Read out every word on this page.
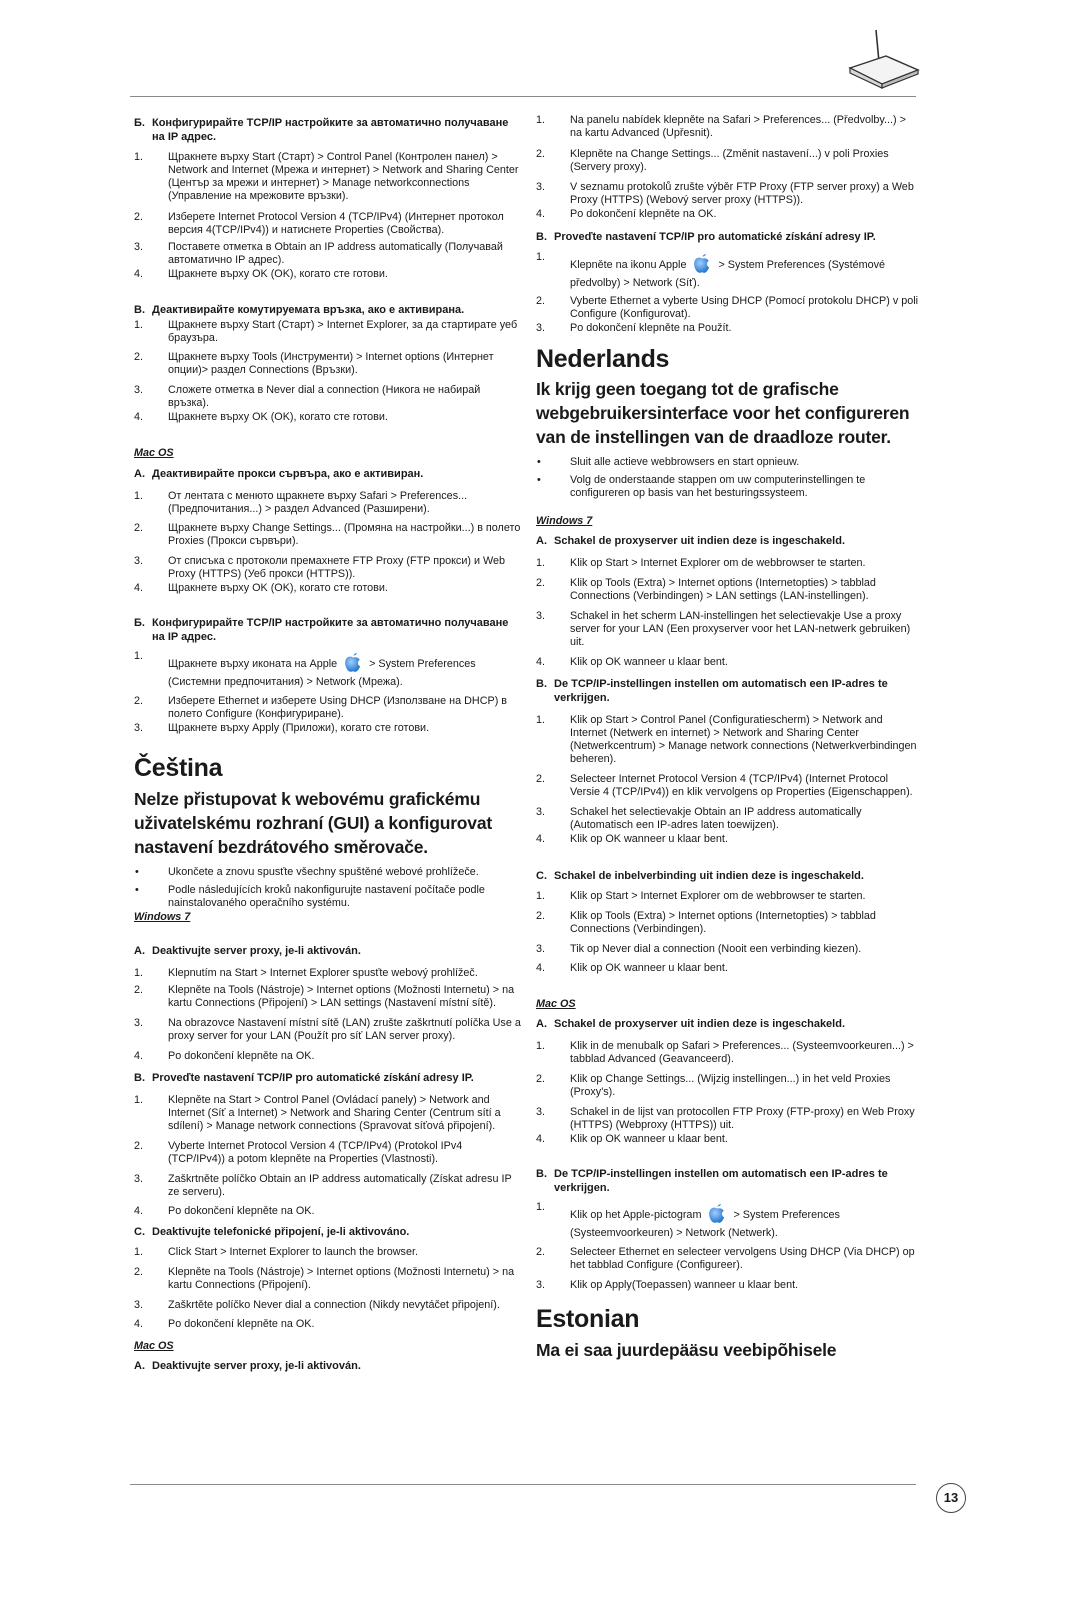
Б. Конфигурирайте TCP/IP настройките за автоматично получаване на IP адрес.
1. Щракнете върху Start (Старт) > Control Panel (Контролен панел) > Network and Internet (Мрежа и интернет) > Network and Sharing Center (Център за мрежи и интернет) > Manage networkconnections (Управление на мрежовите връзки).
2. Изберете Internet Protocol Version 4 (TCP/IPv4) (Интернет протокол версия 4(TCP/IPv4)) и натиснете Properties (Свойства).
3. Поставете отметка в Obtain an IP address automatically (Получавай автоматично IP адрес).
4. Щракнете върху OK (OK), когато сте готови.
В. Деактивирайте комутируемата връзка, ако е активирана.
1. Щракнете върху Start (Старт) > Internet Explorer, за да стартирате уеб браузъра.
2. Щракнете върху Tools (Инструменти) > Internet options (Интернет опции)> раздел Connections (Връзки).
3. Сложете отметка в Never dial a connection (Никога не набирай връзка).
4. Щракнете върху OK (OK), когато сте готови.
Mac OS
А. Деактивирайте прокси сървъра, ако е активиран.
1. От лентата с менюто щракнете върху Safari > Preferences... (Предпочитания...) > раздел Advanced (Разширени).
2. Щракнете върху Change Settings... (Промяна на настройки...) в полето Proxies (Прокси сървъри).
3. От списъка с протоколи премахнете FTP Proxy (FTP прокси) и Web Proxy (HTTPS) (Уеб прокси (HTTPS)).
4. Щракнете върху OK (OK), когато сте готови.
Б. Конфигурирайте TCP/IP настройките за автоматично получаване на IP адрес.
1.
Щракнете върху иконата на Apple	> System Preferences (Системни предпочитания) > Network (Мрежа).
2. Изберете Ethernet и изберете Using DHCP (Използване на DHCP) в полето Configure (Конфигуриране).
3. Щракнете върху Apply (Приложи), когато сте готови.
Čeština
Nelze přistupovat k webovému grafickému uživatelskému rozhraní (GUI) a konfigurovat nastavení bezdrátového směrovače.
•	Ukončete a znovu spusťte všechny spuštěné webové prohlížeče.
•	Podle následujících kroků nakonfigurujte nastavení počítače podle nainstalovaného operačního systému.
Windows 7
A. Deaktivujte server proxy, je-li aktivován.
1. Klepnutím na Start > Internet Explorer spusťte webový prohlížeč.
2. Klepněte na Tools (Nástroje) > Internet options (Možnosti Internetu) > na kartu Connections (Připojení) > LAN settings (Nastavení místní sítě).
3. Na obrazovce Nastavení místní sítě (LAN) zrušte zaškrtnutí políčka Use a proxy server for your LAN (Použít pro síť LAN server proxy).
4. Po dokončení klepněte na OK.
B. Proveďte nastavení TCP/IP pro automatické získání adresy IP.
1. Klepněte na Start > Control Panel (Ovládací panely) > Network and Internet (Síť a Internet) > Network and Sharing Center (Centrum sítí a sdílení) > Manage network connections (Spravovat síťová připojení).
2. Vyberte Internet Protocol Version 4 (TCP/IPv4) (Protokol IPv4 (TCP/IPv4)) a potom klepněte na Properties (Vlastnosti).
3. Zaškrtněte políčko Obtain an IP address automatically (Získat adresu IP ze serveru).
4. Po dokončení klepněte na OK.
C. Deaktivujte telefonické připojení, je-li aktivováno.
1. Click Start > Internet Explorer to launch the browser.
2. Klepněte na Tools (Nástroje) > Internet options (Možnosti Internetu) > na kartu Connections (Připojení).
3. Zaškrtěte políčko Never dial a connection (Nikdy nevytáčet připojení).
4. Po dokončení klepněte na OK.
Mac OS
A. Deaktivujte server proxy, je-li aktivován.
1. Na panelu nabídek klepněte na Safari > Preferences... (Předvolby...) > na kartu Advanced (Upřesnit).
2. Klepněte na Change Settings... (Změnit nastavení...) v poli Proxies (Servery proxy).
3. V seznamu protokolů zrušte výběr FTP Proxy (FTP server proxy) a Web Proxy (HTTPS) (Webový server proxy (HTTPS)).
4. Po dokončení klepněte na OK.
B. Proveďte nastavení TCP/IP pro automatické získání adresy IP.
1.
Klepněte na ikonu Apple	> System Preferences (Systémové předvolby) > Network (Síť).
2. Vyberte Ethernet a vyberte Using DHCP (Pomocí protokolu DHCP) v poli Configure (Konfigurovat).
3. Po dokončení klepněte na Použít.
Nederlands
Ik krijg geen toegang tot de grafische webgebruikersinterface voor het configureren van de instellingen van de draadloze router.
•	Sluit alle actieve webbrowsers en start opnieuw.
•	Volg de onderstaande stappen om uw computerinstellingen te configureren op basis van het besturingssysteem.
Windows 7
A. Schakel de proxyserver uit indien deze is ingeschakeld.
1. Klik op Start > Internet Explorer om de webbrowser te starten.
2. Klik op Tools (Extra) > Internet options (Internetopties) > tabblad Connections (Verbindingen) > LAN settings (LAN-instellingen).
3. Schakel in het scherm LAN-instellingen het selectievakje Use a proxy server for your LAN (Een proxyserver voor het LAN-netwerk gebruiken) uit.
4. Klik op OK wanneer u klaar bent.
B. De TCP/IP-instellingen instellen om automatisch een IP-adres te verkrijgen.
1. Klik op Start > Control Panel (Configuratiescherm) > Network and Internet (Netwerk en internet) > Network and Sharing Center (Netwerkcentrum) > Manage network connections (Netwerkverbindingen beheren).
2. Selecteer Internet Protocol Version 4 (TCP/IPv4) (Internet Protocol Versie 4 (TCP/IPv4)) en klik vervolgens op Properties (Eigenschappen).
3. Schakel het selectievakje Obtain an IP address automatically (Automatisch een IP-adres laten toewijzen).
4. Klik op OK wanneer u klaar bent.
C. Schakel de inbelverbinding uit indien deze is ingeschakeld.
1. Klik op Start > Internet Explorer om de webbrowser te starten.
2. Klik op Tools (Extra) > Internet options (Internetopties) > tabblad Connections (Verbindingen).
3. Tik op Never dial a connection (Nooit een verbinding kiezen).
4. Klik op OK wanneer u klaar bent.
Mac OS
A. Schakel de proxyserver uit indien deze is ingeschakeld.
1. Klik in de menubalk op Safari > Preferences... (Systeemvoorkeuren...) > tabblad Advanced (Geavanceerd).
2. Klik op Change Settings... (Wijzig instellingen...) in het veld Proxies (Proxy's).
3. Schakel in de lijst van protocollen FTP Proxy (FTP-proxy) en Web Proxy (HTTPS) (Webproxy (HTTPS)) uit.
4. Klik op OK wanneer u klaar bent.
B. De TCP/IP-instellingen instellen om automatisch een IP-adres te verkrijgen.
1.
Klik op het Apple-pictogram	> System Preferences (Systeemvoorkeuren) > Network (Netwerk).
2. Selecteer Ethernet en selecteer vervolgens Using DHCP (Via DHCP) op het tabblad Configure (Configureer).
3. Klik op Apply(Toepassen) wanneer u klaar bent.
Estonian
Ma ei saa juurdepääsu veebipõhisele
13
